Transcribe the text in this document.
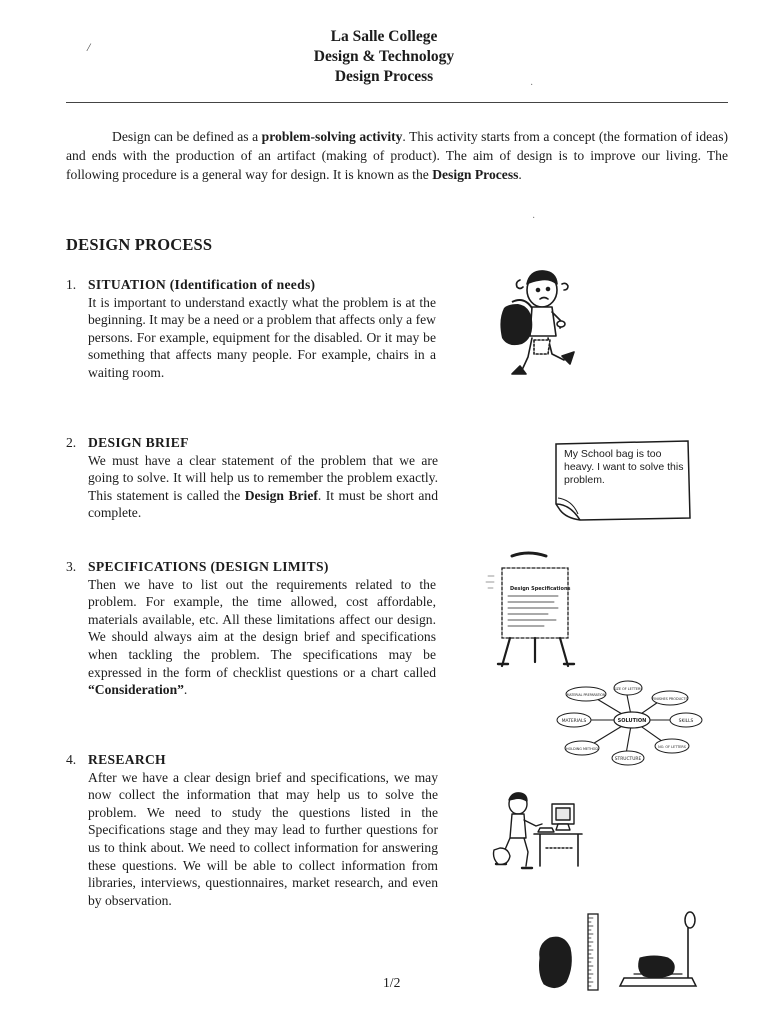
La Salle College
Design & Technology
Design Process
/
Design can be defined as a problem-solving activity. This activity starts from a concept (the formation of ideas) and ends with the production of an artifact (making of product). The aim of design is to improve our living. The following procedure is a general way for design. It is known as the Design Process.
DESIGN PROCESS
1. SITUATION (Identification of needs)
It is important to understand exactly what the problem is at the beginning. It may be a need or a problem that affects only a few persons. For example, equipment for the disabled. Or it may be something that affects many people. For example, chairs in a waiting room.
2. DESIGN BRIEF
We must have a clear statement of the problem that we are going to solve. It will help us to remember the problem exactly. This statement is called the Design Brief. It must be short and complete.
3. SPECIFICATIONS (DESIGN LIMITS)
Then we have to list out the requirements related to the problem. For example, the time allowed, cost affordable, materials available, etc. All these limitations affect our design. We should always aim at the design brief and specifications when tackling the problem. The specifications may be expressed in the form of checklist questions or a chart called “Consideration”.
4. RESEARCH
After we have a clear design brief and specifications, we may now collect the information that may help us to solve the problem. We need to study the questions listed in the Specifications stage and they may lead to further questions for us to think about. We need to collect information for answering these questions. We will be able to collect information from libraries, interviews, questionnaires, market research, and even by observation.
My School bag is too heavy. I want to solve this problem.
Design Specifications
SOLUTION
SIZE OF LETTERS
FINISHES PRODUCTS
SKILLS
NO. OF LETTERS
STRUCTURE
HOLDING METHOD
MATERIALS
MATERIAL PREPARATION
·
·
1/2
